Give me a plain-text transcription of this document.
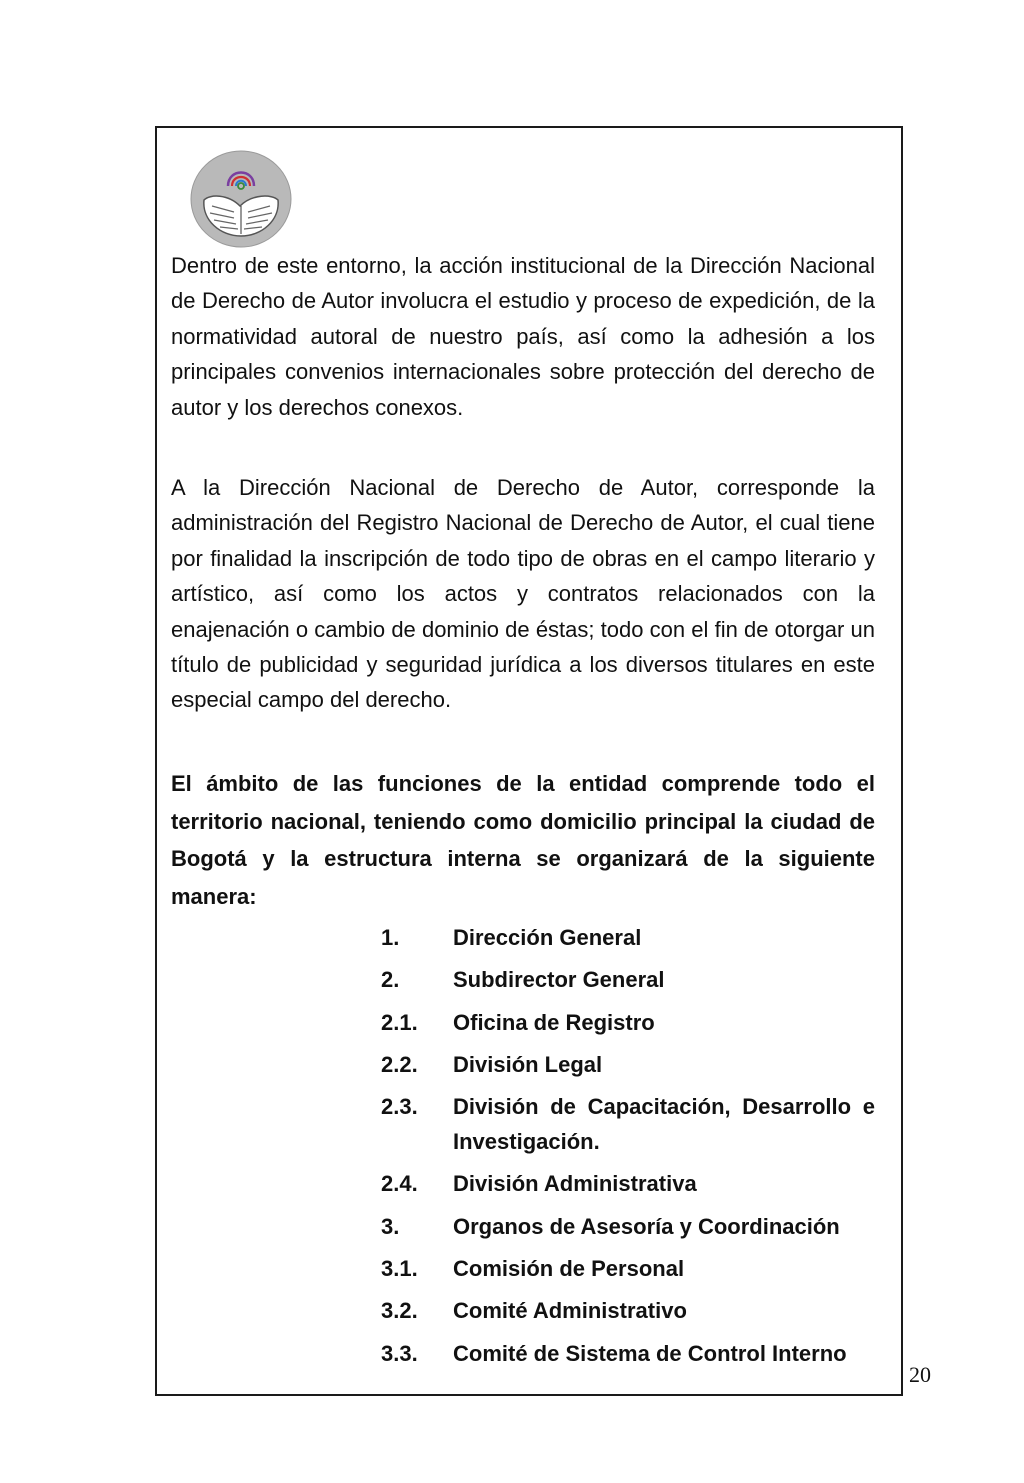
Dentro de este entorno, la acción institucional de la Dirección Nacional de Derecho de Autor involucra el estudio y proceso de expedición, de la normatividad autoral de nuestro país, así como la adhesión a los principales convenios internacionales sobre protección del derecho de autor y los derechos conexos.

A la Dirección Nacional de Derecho de Autor, corresponde la administración del Registro Nacional de Derecho de Autor, el cual tiene por finalidad la inscripción de todo tipo de obras en el campo literario y artístico, así como los actos y contratos relacionados con la enajenación o cambio de dominio de éstas; todo con el fin de otorgar un título de publicidad y seguridad jurídica a los diversos titulares en este especial campo del derecho.

El ámbito de las funciones de la entidad comprende todo el territorio nacional, teniendo como domicilio principal la ciudad de Bogotá y la estructura interna se organizará de la siguiente manera:

1.	Dirección General
2.	Subdirector General
2.1.	Oficina de Registro
2.2.	División Legal
2.3.	División de Capacitación, Desarrollo e Investigación.
2.4.	División Administrativa
3.	Organos de Asesoría y Coordinación
3.1.	Comisión de Personal
3.2.	Comité Administrativo
3.3.	Comité de Sistema de Control Interno
20
